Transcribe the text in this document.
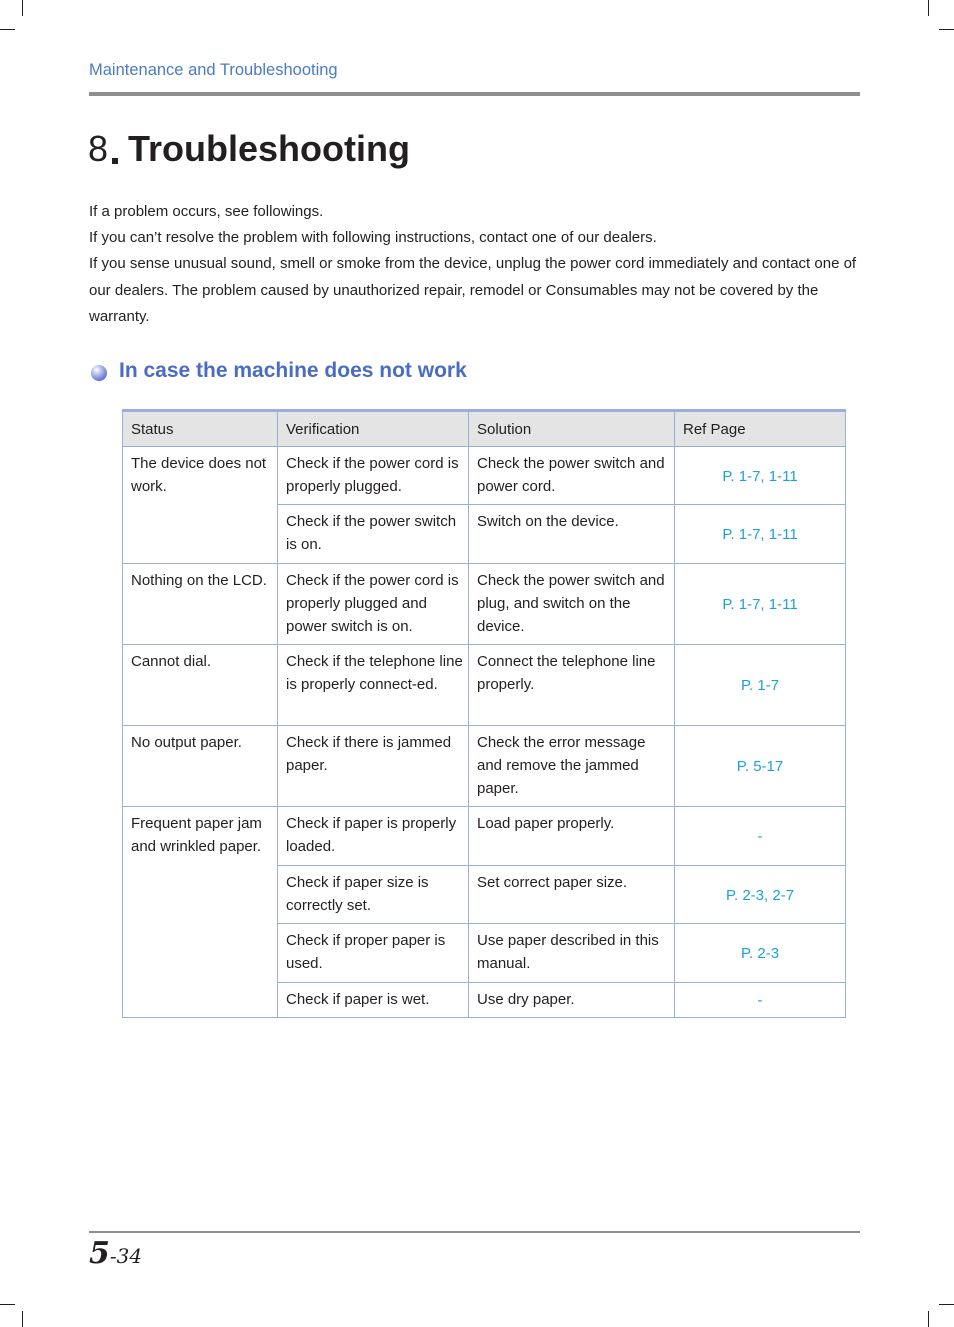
Maintenance and Troubleshooting
8 Troubleshooting

If a problem occurs, see followings.

If you can’t resolve the problem with following instructions, contact one of our dealers.

If you sense unusual sound, smell or smoke from the device, unplug the power cord immediately and contact one of our dealers. The problem caused by unauthorized repair, remodel or Consumables may not be covered by the warranty.

In case the machine does not work
Status	Verification	Solution	Ref Page
The device does not work.	Check if the power cord is properly plugged.	Check the power switch and power cord.	P. 1-7, 1-11
	Check if the power switch is on.	Switch on the device.	P. 1-7, 1-11
Nothing on the LCD.	Check if the power cord is properly plugged and power switch is on.	Check the power switch and plug, and switch on the device.	P. 1-7, 1-11
Cannot dial.	Check if the telephone line is properly connect-ed.	Connect the telephone line properly.	P. 1-7
No output paper.	Check if there is jammed paper.	Check the error message and remove the jammed paper.	P. 5-17
Frequent paper jam and wrinkled paper.	Check if paper is properly loaded.	Load paper properly.	-
	Check if paper size is correctly set.	Set correct paper size.	P. 2-3, 2-7
	Check if proper paper is used.	Use paper described in this manual.	P. 2-3
	Check if paper is wet.	Use dry paper.	-
5-34
